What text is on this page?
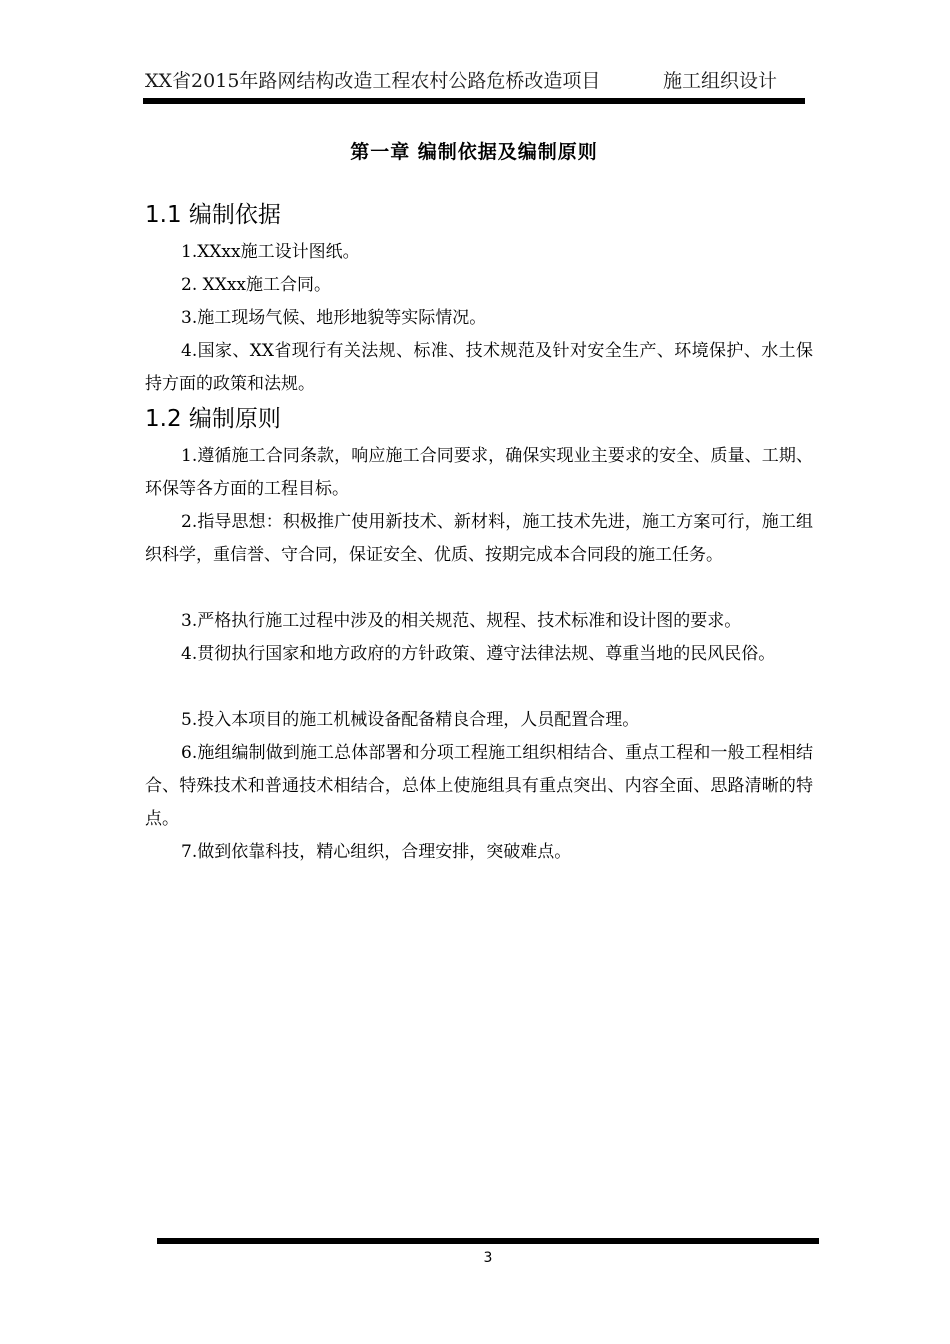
XX省2015年路网结构改造工程农村公路危桥改造项目	施工组织设计
第一章 编制依据及编制原则
1.1 编制依据
1.XXxx施工设计图纸。
2. XXxx施工合同。
3.施工现场气候、地形地貌等实际情况。
4.国家、XX省现行有关法规、标准、技术规范及针对安全生产、环境保护、水土保持方面的政策和法规。
1.2 编制原则
1.遵循施工合同条款，响应施工合同要求，确保实现业主要求的安全、质量、工期、环保等各方面的工程目标。
2.指导思想：积极推广使用新技术、新材料，施工技术先进，施工方案可行，施工组织科学，重信誉、守合同，保证安全、优质、按期完成本合同段的施工任务。
3.严格执行施工过程中涉及的相关规范、规程、技术标准和设计图的要求。
4.贯彻执行国家和地方政府的方针政策、遵守法律法规、尊重当地的民风民俗。
5.投入本项目的施工机械设备配备精良合理，人员配置合理。
6.施组编制做到施工总体部署和分项工程施工组织相结合、重点工程和一般工程相结合、特殊技术和普通技术相结合，总体上使施组具有重点突出、内容全面、思路清晰的特点。
7.做到依靠科技，精心组织，合理安排，突破难点。
3
